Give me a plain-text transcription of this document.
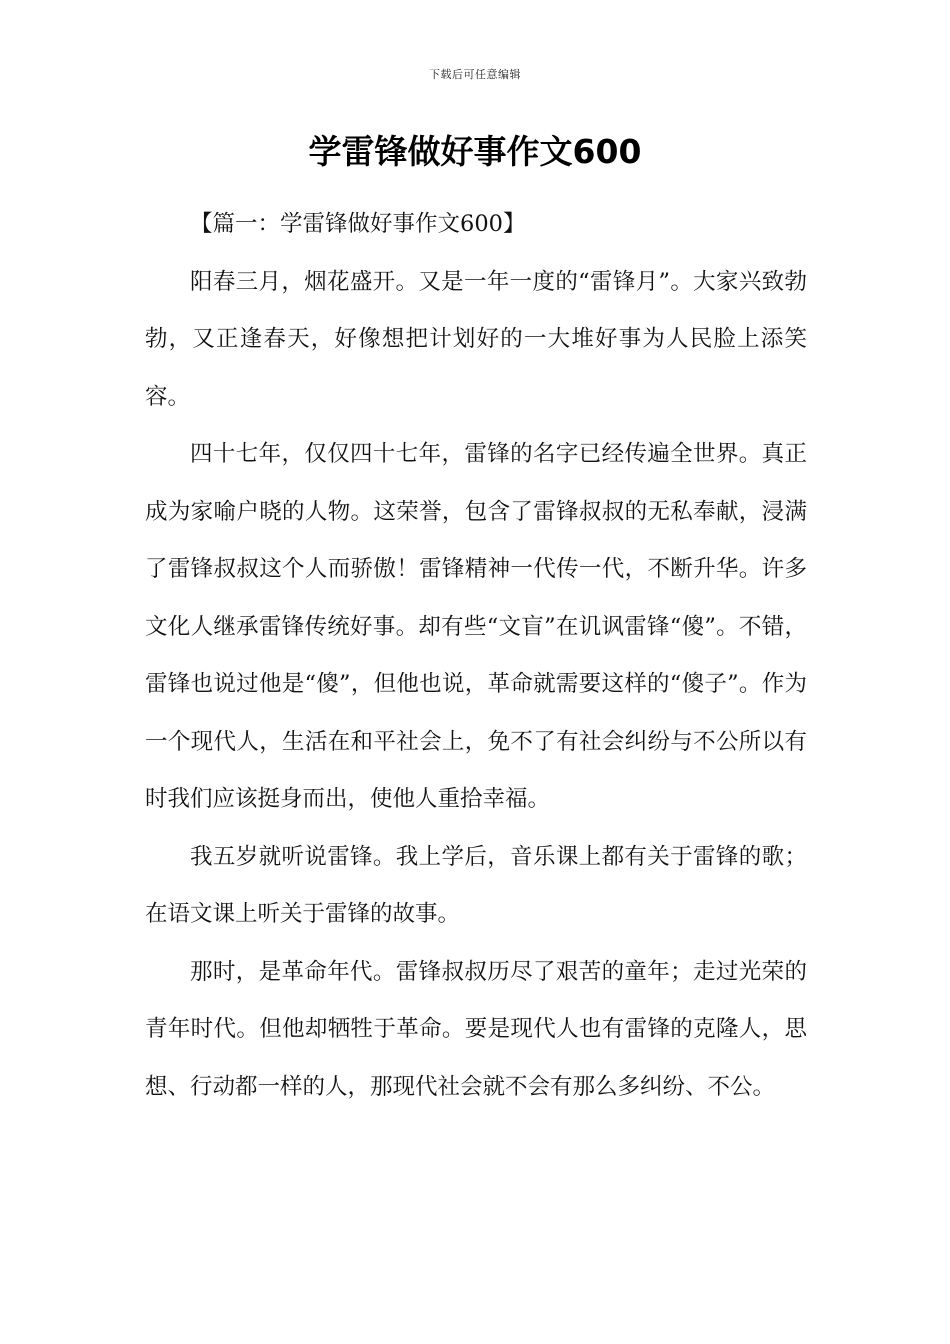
下载后可任意编辑
学雷锋做好事作文600

【篇一：学雷锋做好事作文600】

阳春三月，烟花盛开。又是一年一度的“雷锋月”。大家兴致勃勃，又正逢春天，好像想把计划好的一大堆好事为人民脸上添笑容。

四十七年，仅仅四十七年，雷锋的名字已经传遍全世界。真正成为家喻户晓的人物。这荣誉，包含了雷锋叔叔的无私奉献，浸满了雷锋叔叔这个人而骄傲！雷锋精神一代传一代，不断升华。许多文化人继承雷锋传统好事。却有些“文盲”在讥讽雷锋“傻”。不错，雷锋也说过他是“傻”，但他也说，革命就需要这样的“傻子”。作为一个现代人，生活在和平社会上，免不了有社会纠纷与不公所以有时我们应该挺身而出，使他人重拾幸福。

我五岁就听说雷锋。我上学后，音乐课上都有关于雷锋的歌；在语文课上听关于雷锋的故事。

那时，是革命年代。雷锋叔叔历尽了艰苦的童年；走过光荣的青年时代。但他却牺牲于革命。要是现代人也有雷锋的克隆人，思想、行动都一样的人，那现代社会就不会有那么多纠纷、不公。
